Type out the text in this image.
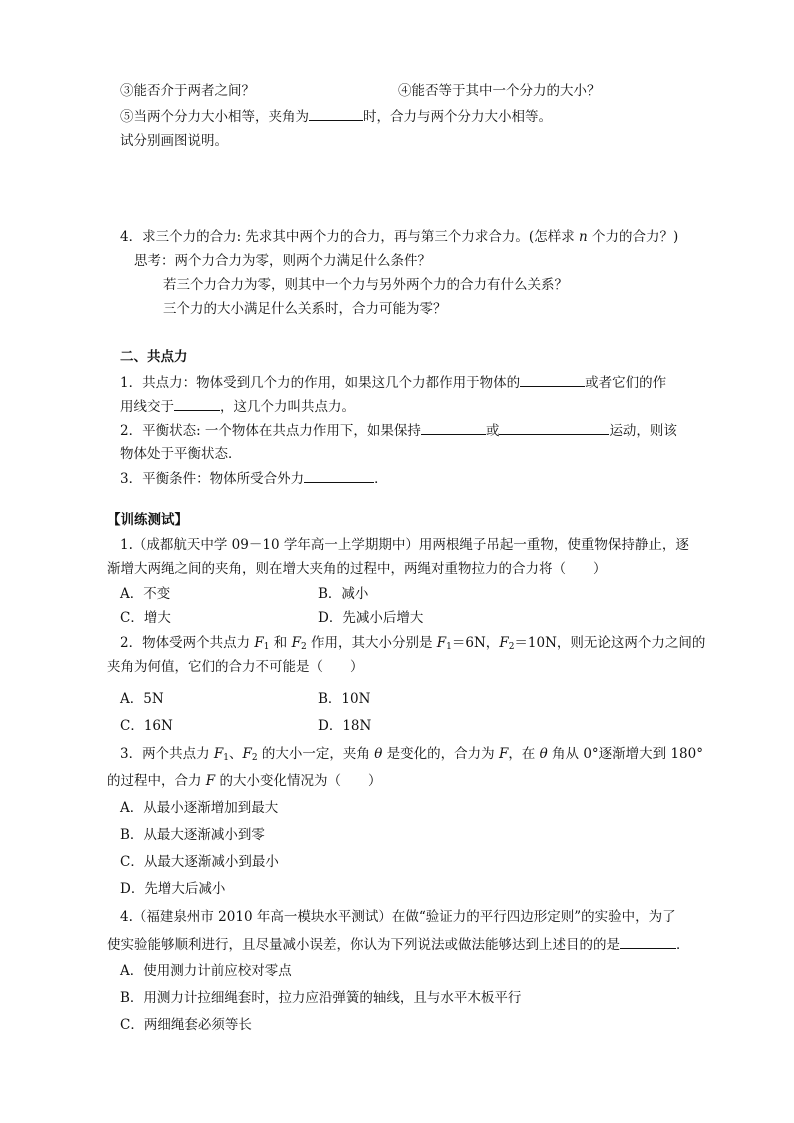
③能否介于两者之间？	④能否等于其中一个分力的大小？
⑤当两个分力大小相等，夹角为	时，合力与两个分力大小相等。
试分别画图说明。
4．求三个力的合力: 先求其中两个力的合力，再与第三个力求合力。(怎样求 n 个力的合力？)
思考：两个力合力为零，则两个力满足什么条件？
若三个力合力为零，则其中一个力与另外两个力的合力有什么关系？
三个力的大小满足什么关系时，合力可能为零？
二、共点力
1．共点力：物体受到几个力的作用，如果这几个力都作用于物体的	或者它们的作
用线交于	，这几个力叫共点力。
2．平衡状态: 一个物体在共点力作用下，如果保持	或	运动，则该
物体处于平衡状态．
3．平衡条件：物体所受合外力	．
【训练测试】
1.（成都航天中学 09－10 学年高一上学期期中）用两根绳子吊起一重物，使重物保持静止，逐
渐增大两绳之间的夹角，则在增大夹角的过程中，两绳对重物拉力的合力将（　　）
A．不变	B．减小
C．增大	D．先减小后增大
2．物体受两个共点力 $F_1$ 和 $F_2$ 作用，其大小分别是 $F_1=6N$，$F_2=10N$，则无论这两个力之间的
夹角为何值，它们的合力不可能是（　　）
A．5N	B．10N
C．16N	D．18N
3．两个共点力 $F_1$、$F_2$ 的大小一定，夹角 θ 是变化的，合力为 F，在 θ 角从 0°逐渐增大到 180°
的过程中，合力 F 的大小变化情况为（　　）
A．从最小逐渐增加到最大
B．从最大逐渐减小到零
C．从最大逐渐减小到最小
D．先增大后减小
4.（福建泉州市 2010 年高一模块水平测试）在做“验证力的平行四边形定则”的实验中，为了
使实验能够顺利进行，且尽量减小误差，你认为下列说法或做法能够达到上述目的的是	．
A．使用测力计前应校对零点
B．用测力计拉细绳套时，拉力应沿弹簧的轴线，且与水平木板平行
C．两细绳套必须等长
